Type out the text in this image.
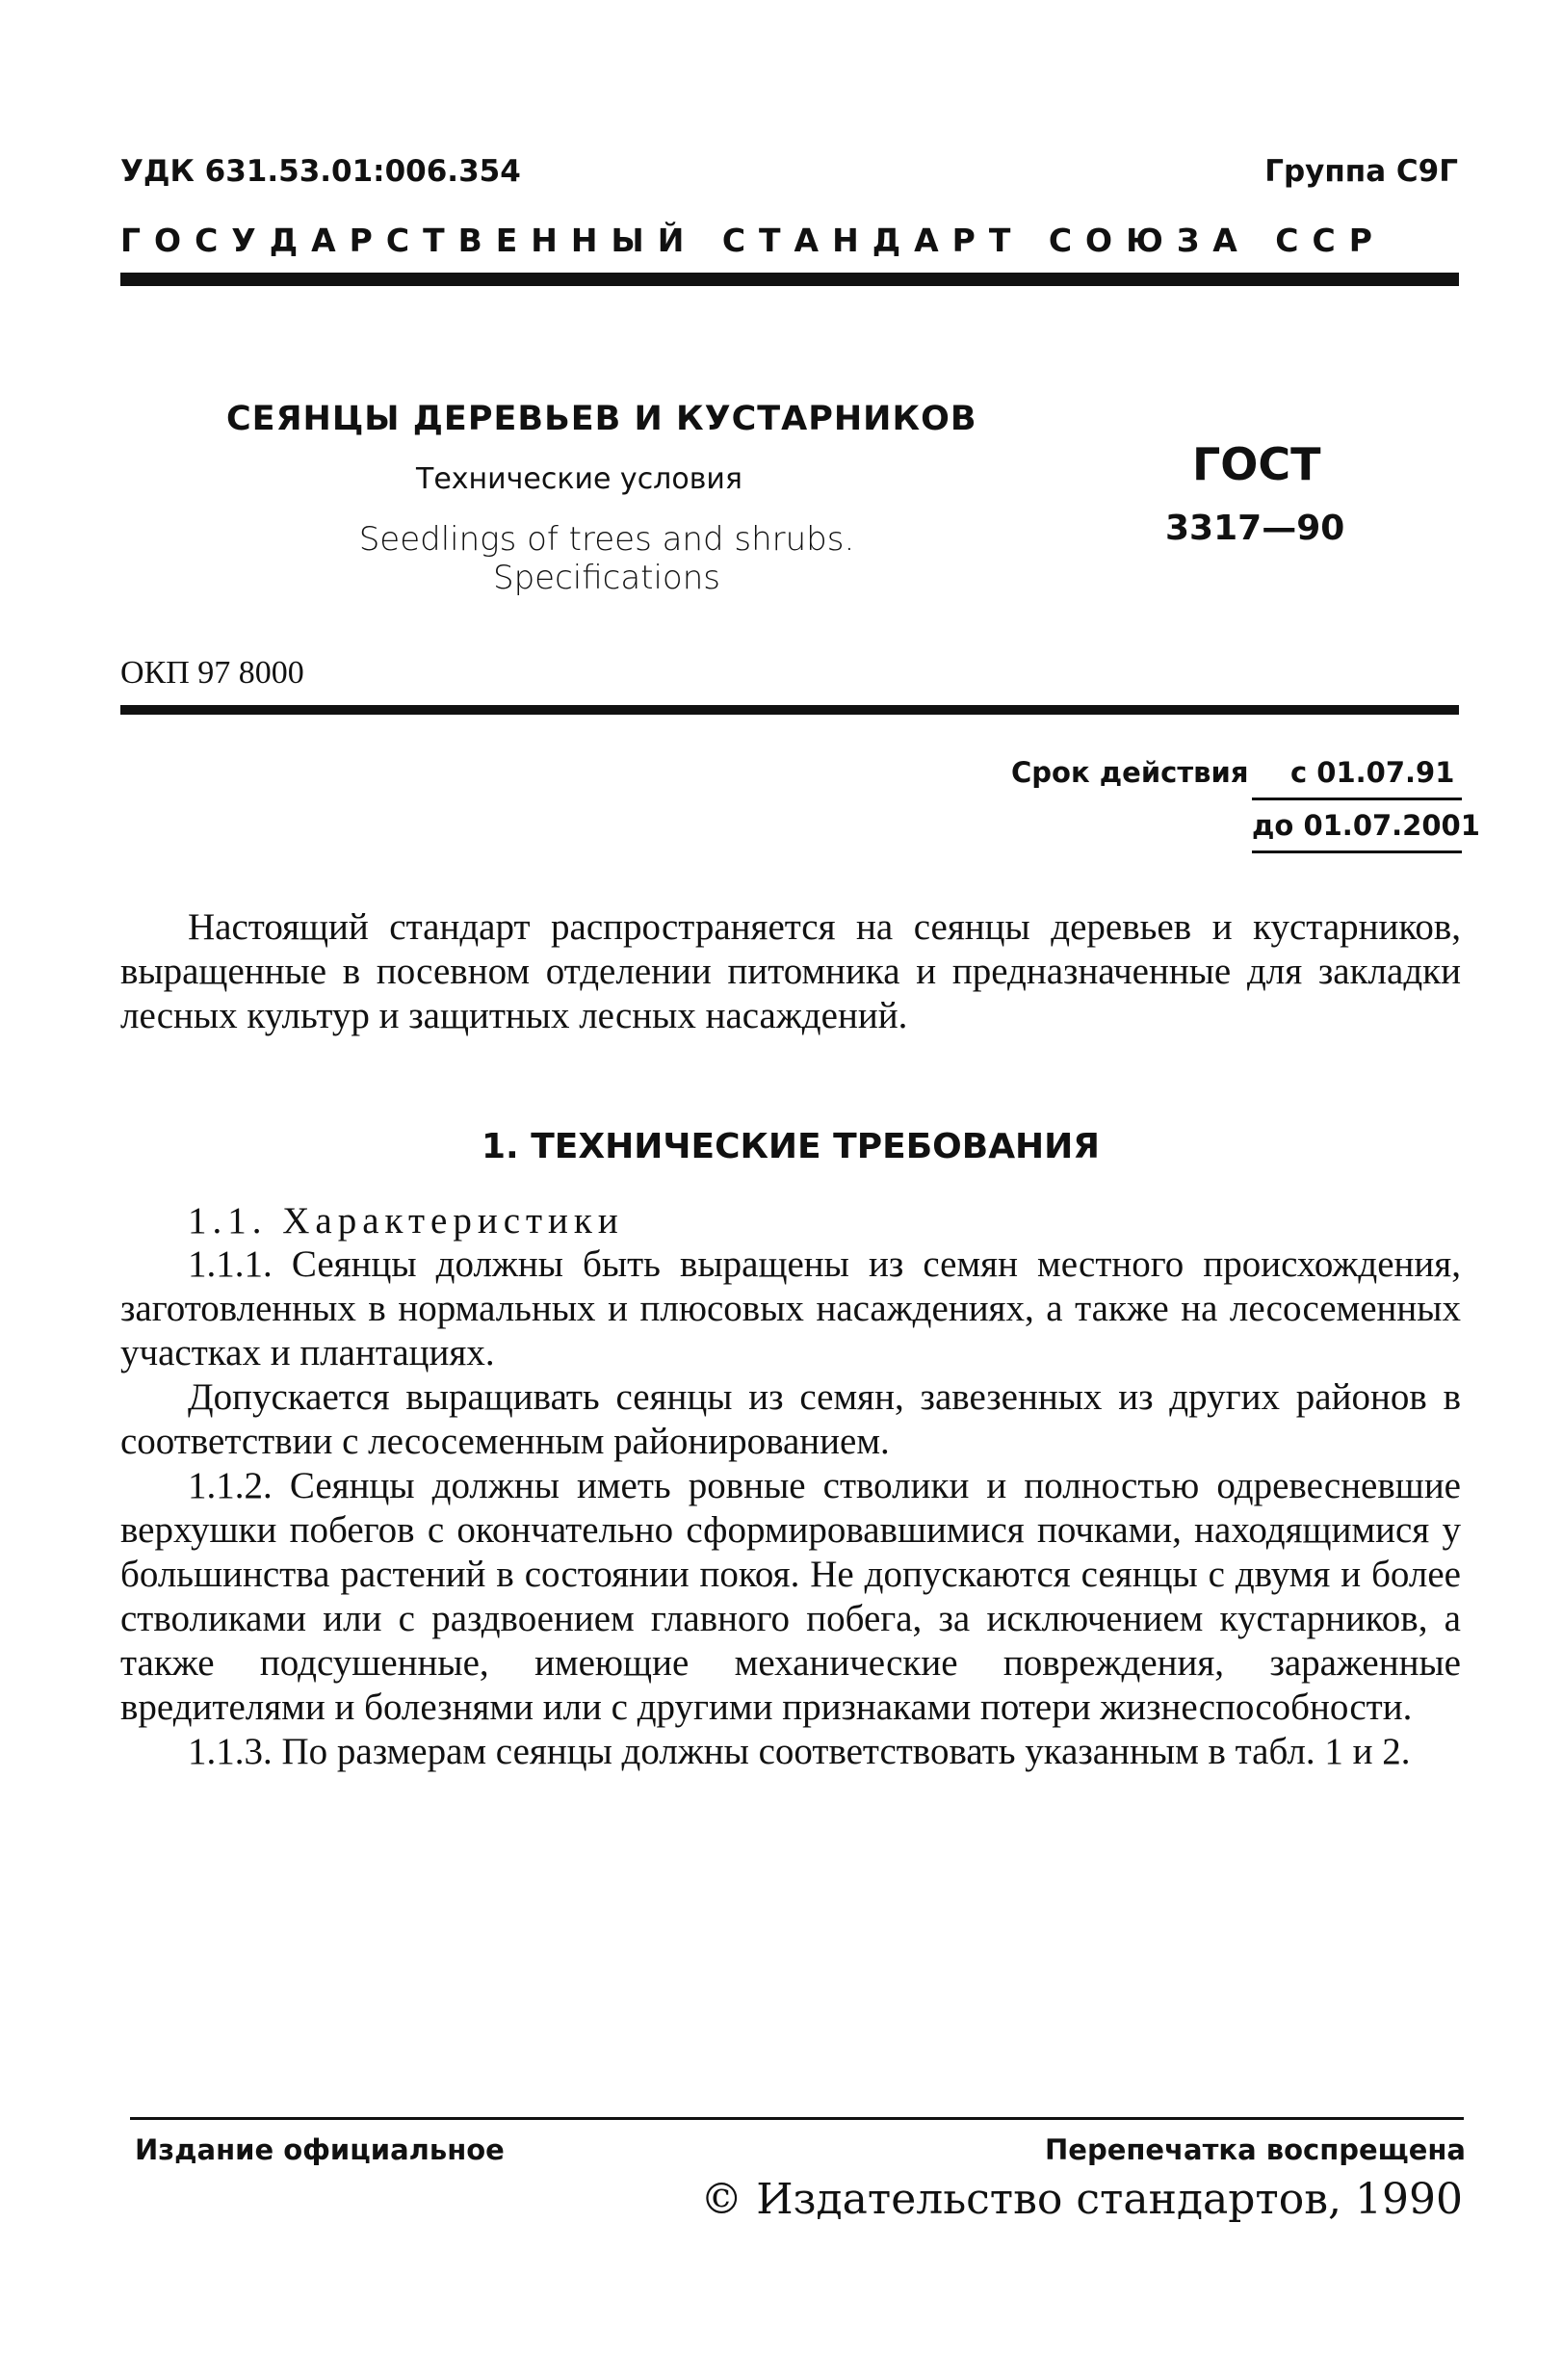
УДК 631.53.01:006.354	Группа С9Г
ГОСУДАРСТВЕННЫЙ СТАНДАРТ СОЮЗА ССР
СЕЯНЦЫ ДЕРЕВЬЕВ И КУСТАРНИКОВ
Технические условия
Seedlings of trees and shrubs.
Specifications
ГОСТ
3317—90
ОКП 97 8000
Срок действия с 01.07.91
до 01.07.2001
Настоящий стандарт распространяется на сеянцы деревьев и кустарников, выращенные в посевном отделении питомника и предназначенные для закладки лесных культур и защитных лесных насаждений.
1. ТЕХНИЧЕСКИЕ ТРЕБОВАНИЯ
1.1. Характеристики
1.1.1. Сеянцы должны быть выращены из семян местного происхождения, заготовленных в нормальных и плюсовых насаждениях, а также на лесосеменных участках и плантациях.
Допускается выращивать сеянцы из семян, завезенных из других районов в соответствии с лесосеменным районированием.
1.1.2. Сеянцы должны иметь ровные стволики и полностью одревесневшие верхушки побегов с окончательно сформировавшимися почками, находящимися у большинства растений в состоянии покоя. Не допускаются сеянцы с двумя и более стволиками или с раздвоением главного побега, за исключением кустарников, а также подсушенные, имеющие механические повреждения, зараженные вредителями и болезнями или с другими признаками потери жизнеспособности.
1.1.3. По размерам сеянцы должны соответствовать указанным в табл. 1 и 2.
Издание официальное	Перепечатка воспрещена
© Издательство стандартов, 1990
